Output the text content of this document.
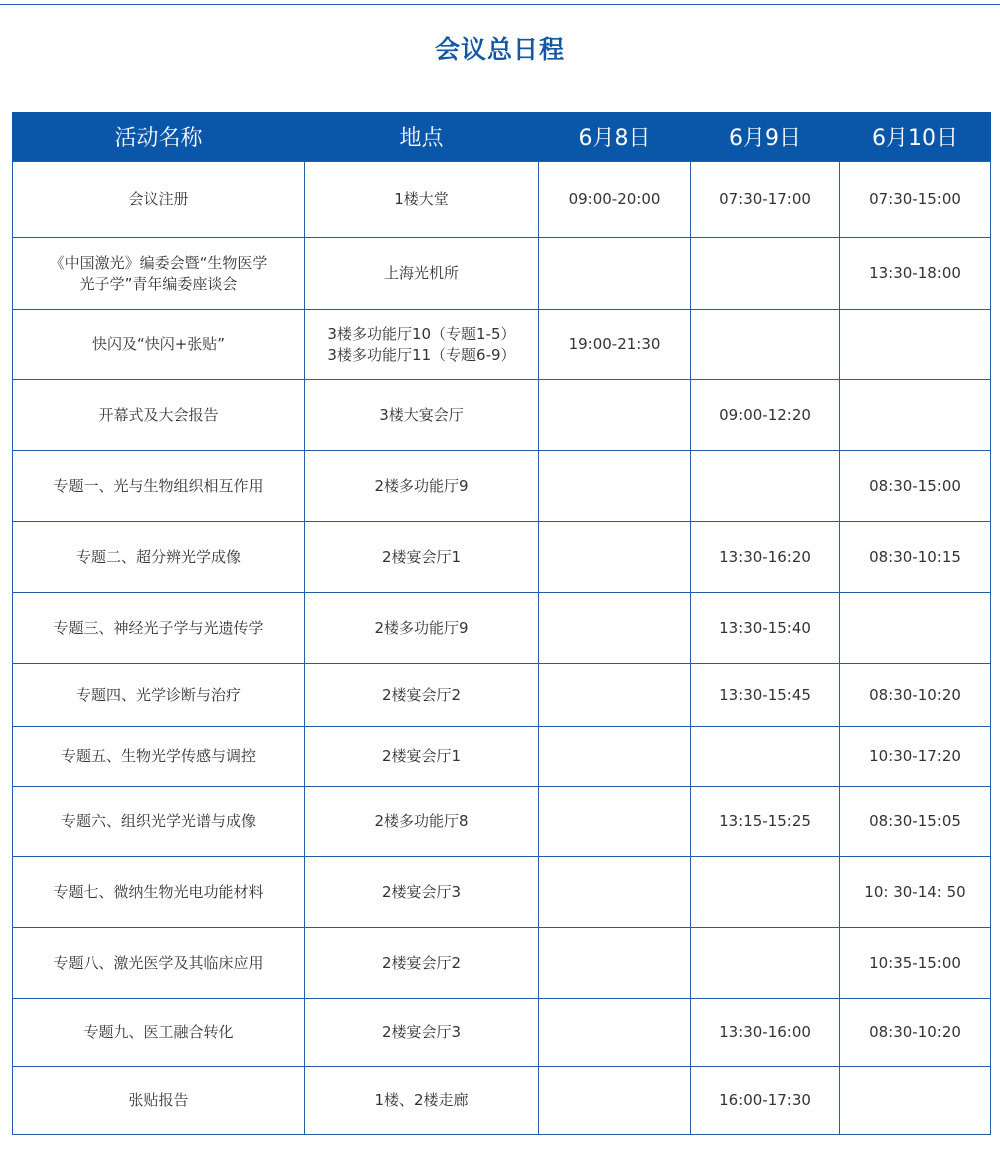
会议总日程
活动名称	地点	6月8日	6月9日	6月10日

会议注册	1楼大堂	09:00-20:00	07:30-17:00	07:30-15:00

《中国激光》编委会暨“生物医学
光子学”青年编委座谈会	上海光机所			13:30-18:00

快闪及“快闪+张贴”	3楼多功能厅10（专题1-5）
3楼多功能厅11（专题6-9）	19:00-21:30		

开幕式及大会报告	3楼大宴会厅		09:00-12:20	

专题一、光与生物组织相互作用	2楼多功能厅9			08:30-15:00

专题二、超分辨光学成像	2楼宴会厅1		13:30-16:20	08:30-10:15

专题三、神经光子学与光遗传学	2楼多功能厅9		13:30-15:40	

专题四、光学诊断与治疗	2楼宴会厅2		13:30-15:45	08:30-10:20

专题五、生物光学传感与调控	2楼宴会厅1			10:30-17:20

专题六、组织光学光谱与成像	2楼多功能厅8		13:15-15:25	08:30-15:05

专题七、微纳生物光电功能材料	2楼宴会厅3			10: 30-14: 50

专题八、激光医学及其临床应用	2楼宴会厅2			10:35-15:00

专题九、医工融合转化	2楼宴会厅3		13:30-16:00	08:30-10:20

张贴报告	1楼、2楼走廊		16:00-17:30	
